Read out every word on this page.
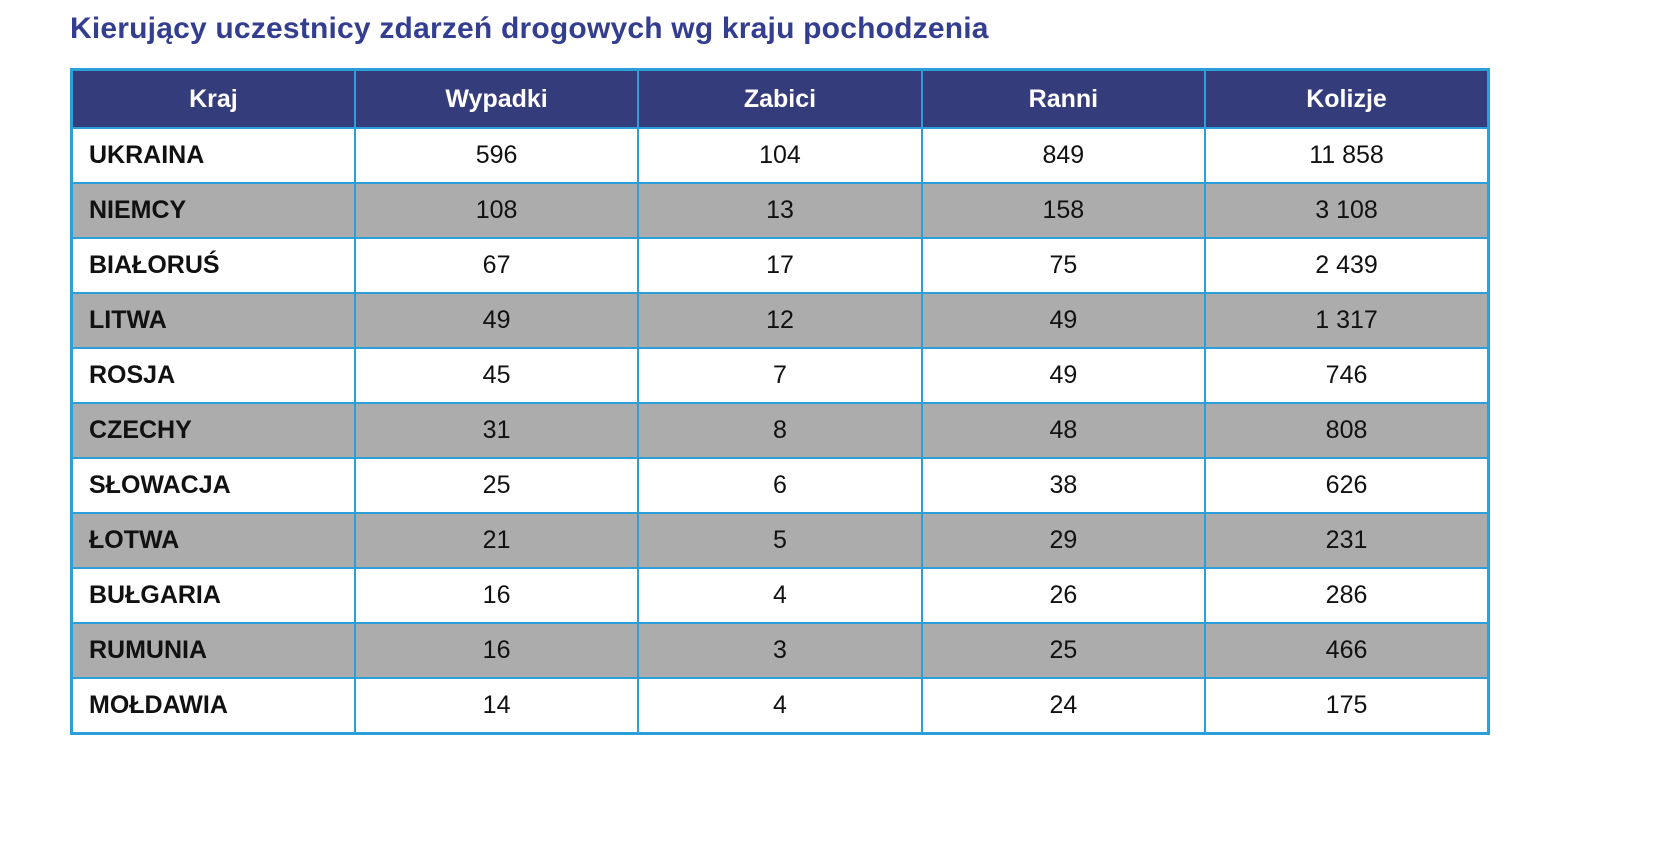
Kierujący uczestnicy zdarzeń drogowych wg kraju pochodzenia
Kraj	Wypadki	Zabici	Ranni	Kolizje
UKRAINA	596	104	849	11 858
NIEMCY	108	13	158	3 108
BIAŁORUŚ	67	17	75	2 439
LITWA	49	12	49	1 317
ROSJA	45	7	49	746
CZECHY	31	8	48	808
SŁOWACJA	25	6	38	626
ŁOTWA	21	5	29	231
BUŁGARIA	16	4	26	286
RUMUNIA	16	3	25	466
MOŁDAWIA	14	4	24	175
